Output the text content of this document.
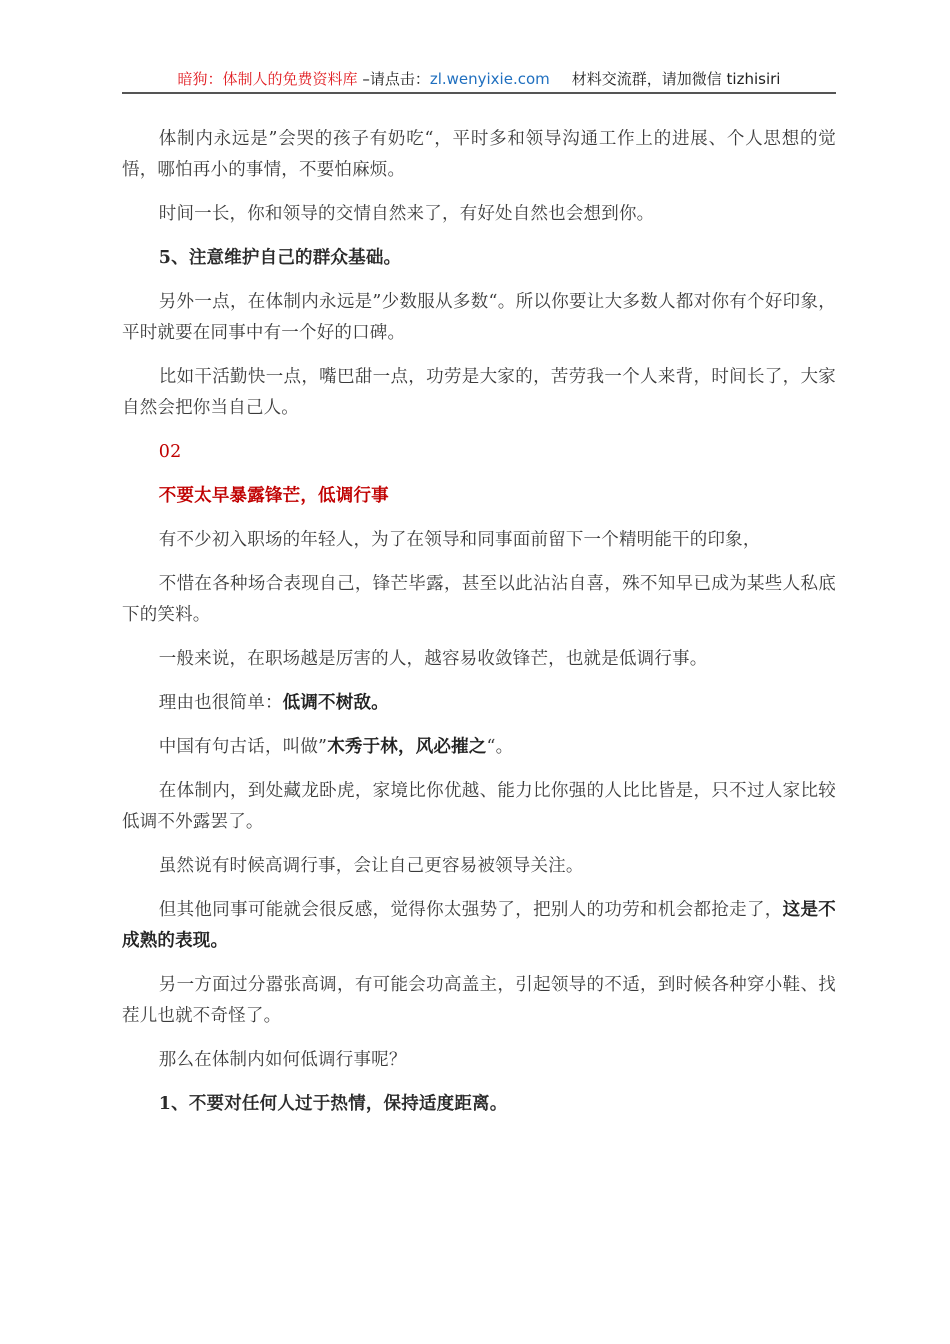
暗狗：体制人的免费资料库 –请点击：zl.wenyixie.com 材料交流群，请加微信 tizhisiri

体制内永远是”会哭的孩子有奶吃“，平时多和领导沟通工作上的进展、个人思想的觉悟，哪怕再小的事情，不要怕麻烦。

时间一长，你和领导的交情自然来了，有好处自然也会想到你。

5、注意维护自己的群众基础。

另外一点，在体制内永远是”少数服从多数“。所以你要让大多数人都对你有个好印象，平时就要在同事中有一个好的口碑。

比如干活勤快一点，嘴巴甜一点，功劳是大家的，苦劳我一个人来背，时间长了，大家自然会把你当自己人。

02

不要太早暴露锋芒，低调行事

有不少初入职场的年轻人，为了在领导和同事面前留下一个精明能干的印象，

不惜在各种场合表现自己，锋芒毕露，甚至以此沾沾自喜，殊不知早已成为某些人私底下的笑料。

一般来说，在职场越是厉害的人，越容易收敛锋芒，也就是低调行事。

理由也很简单：低调不树敌。

中国有句古话，叫做”木秀于林，风必摧之“。

在体制内，到处藏龙卧虎，家境比你优越、能力比你强的人比比皆是，只不过人家比较低调不外露罢了。

虽然说有时候高调行事，会让自己更容易被领导关注。

但其他同事可能就会很反感，觉得你太强势了，把别人的功劳和机会都抢走了，这是不成熟的表现。

另一方面过分嚣张高调，有可能会功高盖主，引起领导的不适，到时候各种穿小鞋、找茬儿也就不奇怪了。

那么在体制内如何低调行事呢？

1、不要对任何人过于热情，保持适度距离。
